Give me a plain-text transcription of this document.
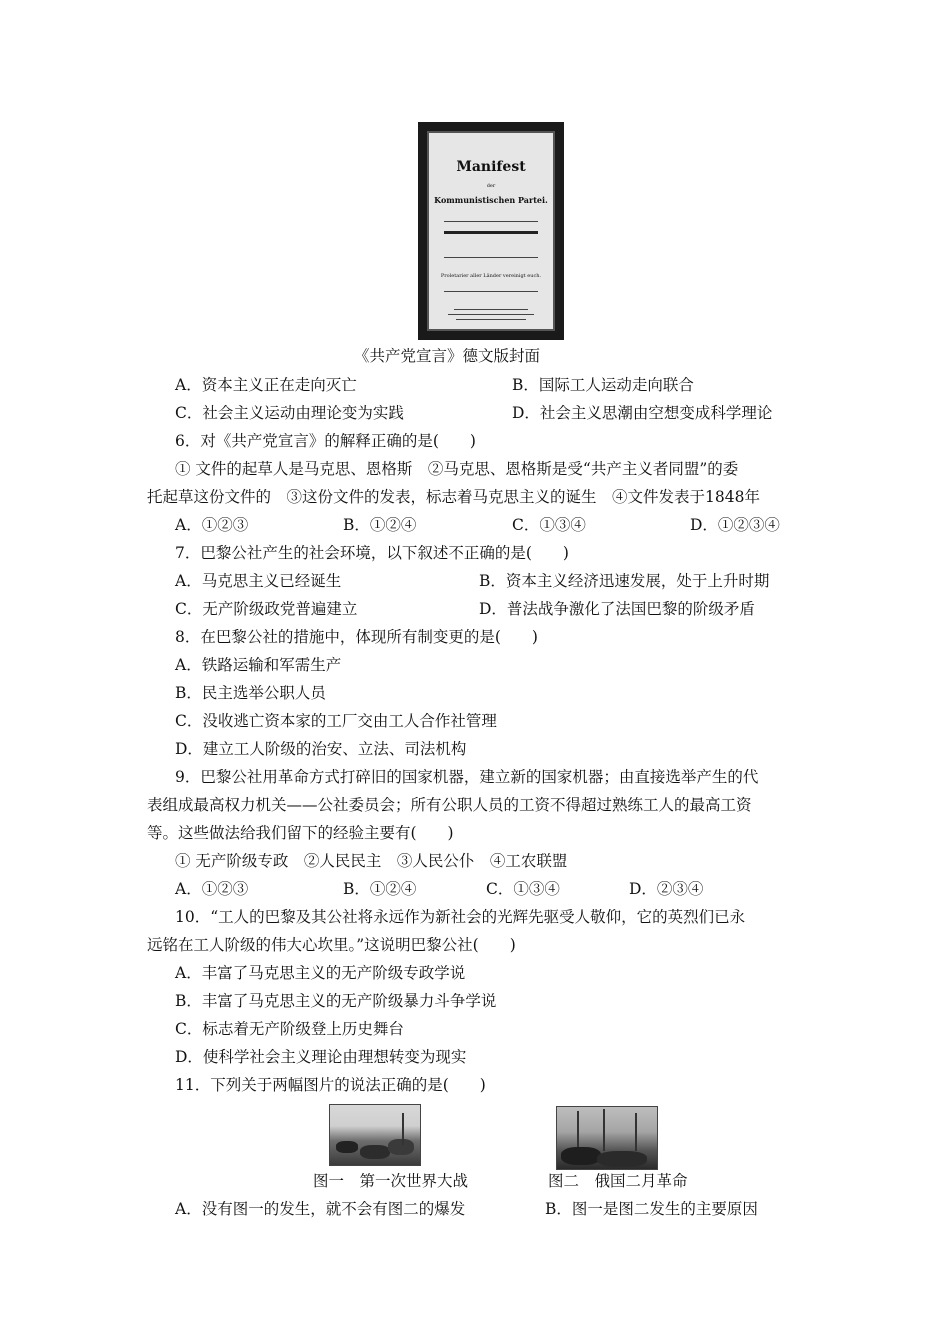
Manifest
der
Kommunistischen Partei.
Proletarier aller Länder vereinigt euch.
《共产党宣言》德文版封面
A．资本主义正在走向灭亡	B．国际工人运动走向联合
C．社会主义运动由理论变为实践	D．社会主义思潮由空想变成科学理论
6．对《共产党宣言》的解释正确的是(　　)
① 文件的起草人是马克思、恩格斯　②马克思、恩格斯是受“共产主义者同盟”的委
托起草这份文件的　③这份文件的发表，标志着马克思主义的诞生　④文件发表于1848年
A．①②③	B．①②④	C．①③④	D．①②③④
7．巴黎公社产生的社会环境，以下叙述不正确的是(　　)
A．马克思主义已经诞生	B．资本主义经济迅速发展，处于上升时期
C．无产阶级政党普遍建立	D．普法战争激化了法国巴黎的阶级矛盾
8．在巴黎公社的措施中，体现所有制变更的是(　　)
A．铁路运输和军需生产
B．民主选举公职人员
C．没收逃亡资本家的工厂交由工人合作社管理
D．建立工人阶级的治安、立法、司法机构
9．巴黎公社用革命方式打碎旧的国家机器，建立新的国家机器；由直接选举产生的代
表组成最高权力机关——公社委员会；所有公职人员的工资不得超过熟练工人的最高工资
等。这些做法给我们留下的经验主要有(　　)
① 无产阶级专政　②人民民主　③人民公仆　④工农联盟
A．①②③	B．①②④	C．①③④	D．②③④
10．“工人的巴黎及其公社将永远作为新社会的光辉先驱受人敬仰，它的英烈们已永
远铭在工人阶级的伟大心坎里。”这说明巴黎公社(　　)
A．丰富了马克思主义的无产阶级专政学说
B．丰富了马克思主义的无产阶级暴力斗争学说
C．标志着无产阶级登上历史舞台
D．使科学社会主义理论由理想转变为现实
11．下列关于两幅图片的说法正确的是(　　)
图一　第一次世界大战	图二　俄国二月革命
A．没有图一的发生，就不会有图二的爆发	B．图一是图二发生的主要原因
